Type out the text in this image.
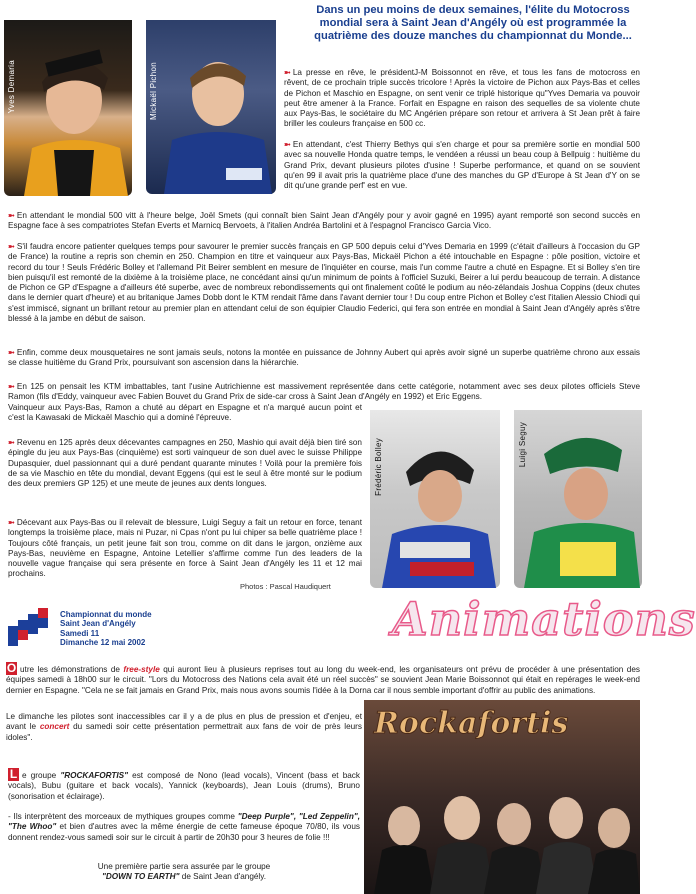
Yves Demaria	Mickaël Pichon
Dans un peu moins de deux semaines, l'élite du Motocross mondial sera à Saint Jean d'Angély où est programmée la quatrième des douze manches du championnat du Monde...

➼ La presse en rêve, le présidentJ-M Boissonnot en rêve, et tous les fans de motocross en rêvent, de ce prochain triple succès tricolore ! Après la victoire de Pichon aux Pays-Bas et celles de Pichon et Maschio en Espagne, on sent venir ce triplé historique qu"Yves Demaria va pouvoir peut être amener à la France. Forfait en Espagne en raison des sequelles de sa violente chute aux Pays-Bas, le sociétaire du MC Angérien prépare son retour et arrivera à St Jean prêt à faire briller les couleurs française en 500 cc.

➼ En attendant, c'est Thierry Bethys qui s'en charge et pour sa première sortie en mondial 500 avec sa nouvelle Honda quatre temps, le vendéen a réussi un beau coup à Bellpuig : huitième du Grand Prix, devant plusieurs pilotes d'usine ! Superbe performance, et quand on se souvient qu'en 99 il avait pris la quatrième place d'une des manches du GP d'Europe à St Jean d'Y on se dit qu'une grande perf' est en vue.

➼ En attendant le mondial 500 vitt à l'heure belge, Joël Smets (qui connaît bien Saint Jean d'Angély pour y avoir gagné en 1995) ayant remporté son second succès en Espagne face à ses compatriotes Stefan Everts et Marnicq Bervoets, à l'italien Andréa Bartolini et à l'espagnol Francisco Garcia Vico.

➼ S'il faudra encore patienter quelques temps pour savourer le premier succès français en GP 500 depuis celui d'Yves Demaria en 1999 (c'était d'ailleurs à l'occasion du GP de France) la routine a repris son chemin en 250. Champion en titre et vainqueur aux Pays-Bas, Mickaël Pichon a été intouchable en Espagne : pôle position, victoire et record du tour ! Seuls Frédéric Bolley et l'allemand Pit Beirer semblent en mesure de l'inquiéter en course, mais l'un comme l'autre a chuté en Espagne. Et si Bolley s'en tire bien puisqu'il est remonté de la dixième à la troisième place, ne concédant ainsi qu'un minimum de points à l'officiel Suzuki, Beirer a lui perdu beaucoup de terrain. A distance de Pichon ce GP d'Espagne a d'ailleurs été superbe, avec de nombreux rebondissements qui ont finalement coûté le podium au néo-zélandais Joshua Coppins (deux chutes dans le dernier quart d'heure) et au britanique James Dobb dont le KTM rendait l'âme dans l'avant dernier tour ! Du coup entre Pichon et Bolley c'est l'italien Alessio Chiodi qui s'est immiscé, signant un brillant retour au premier plan en attendant celui de son équipier Claudio Federici, qui fera son entrée en mondial à Saint Jean d'Angély après s'être blessé à la jambe en début de saison.

➼ Enfin, comme deux mousquetaires ne sont jamais seuls, notons la montée en puissance de Johnny Aubert qui après avoir signé un superbe quatrième chrono aux essais se classe huitième du Grand Prix, poursuivant son ascension dans la hiérarchie.

➼ En 125 on pensait les KTM imbattables, tant l'usine Autrichienne est massivement représentée dans cette catégorie, notamment avec ses deux pilotes officiels Steve Ramon (fils d'Eddy, vainqueur avec Fabien Bouvet du Grand Prix de side-car cross à Saint Jean d'Angély en 1992) et Eric Eggens.

Vainqueur aux Pays-Bas, Ramon a chuté au départ en Espagne et n'a marqué aucun point et c'est la Kawasaki de Mickaël Maschio qui a dominé l'épreuve.

➼ Revenu en 125 après deux décevantes campagnes en 250, Mashio qui avait déjà bien tiré son épingle du jeu aux Pays-Bas (cinquième) est sorti vainqueur de son duel avec le suisse Philippe Dupasquier, duel passionnant qui a duré pendant quarante minutes ! Voilà pour la première fois de sa vie Maschio en tête du mondial, devant Eggens (qui est le seul à être monté sur le podium des deux premiers GP 125) et une meute de jeunes aux dents longues.

➼ Décevant aux Pays-Bas ou il relevait de blessure, Luigi Seguy a fait un retour en force, tenant longtemps la troisième place, mais ni Puzar, ni Cpas n'ont pu lui chiper sa belle quatrième place ! Toujours côté français, un petit jeune fait son trou, comme on dit dans le jargon, onzième aux Pays-Bas, neuvième en Espagne, Antoine Letellier s'affirme comme l'un des leaders de la nouvelle vague française qui sera présente en force à Saint Jean d'Angély les 11 et 12 mai prochains.

Photos : Pascal Haudiquert
Frédéric Bolley	Luigi Seguy
Championnat du monde
Saint Jean d'Angély
Samedi 11
Dimanche 12 mai 2002	Animations

O utre les démonstrations de free-style qui auront lieu à plusieurs reprises tout au long du week-end, les organisateurs ont prévu de procéder à une présentation des équipes samedi à 18h00 sur le circuit. "Lors du Motocross des Nations cela avait été un réel succès" se souvient Jean Marie Boissonnot qui était en repérages le week-end dernier en Espagne. "Cela ne se fait jamais en Grand Prix, mais nous avons soumis l'idée à la Dorna car il nous semble important d'offrir au public des animations.

Le dimanche les pilotes sont inaccessibles car il y a de plus en plus de pression et d'enjeu, et avant le concert du samedi soir cette présentation permettrait aux fans de voir de près leurs idoles".

L e groupe "ROCKAFORTIS" est composé de Nono (lead vocals), Vincent (bass et back vocals), Bubu (guitare et back vocals), Yannick (keyboards), Jean Louis (drums), Bruno (sonorisation et éclairage).

- Ils interprètent des morceaux de mythiques groupes comme "Deep Purple", "Led Zeppelin", "The Whoo" et bien d'autres avec la même énergie de cette fameuse époque 70/80, ils vous donnent rendez-vous samedi soir sur le circuit à partir de 20h30 pour 3 heures de folie !!!

Une première partie sera assurée par le groupe
"DOWN TO EARTH" de Saint Jean d'angély.

Rockafortis
